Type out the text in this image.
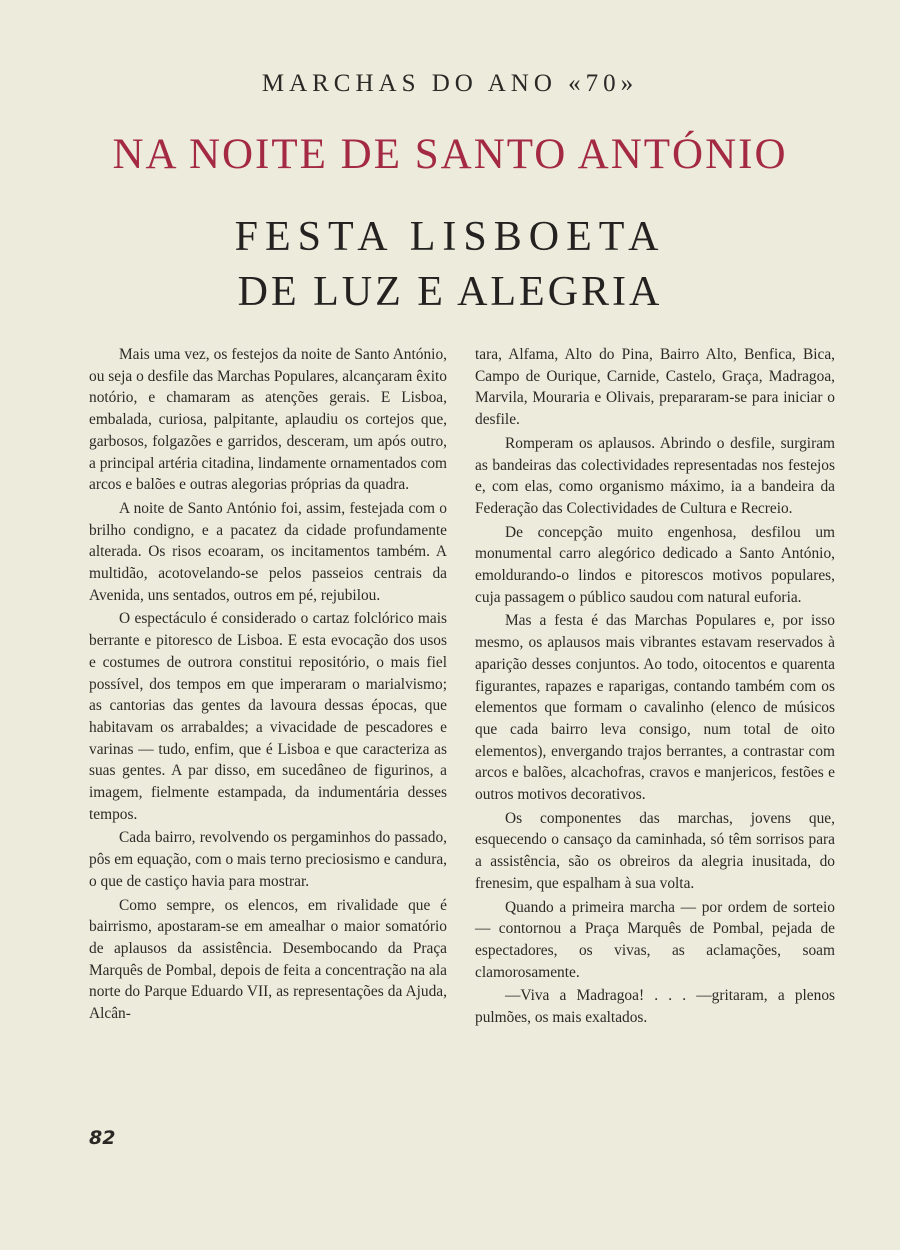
MARCHAS DO ANO «70»
NA NOITE DE SANTO ANTÓNIO
FESTA LISBOETA
DE LUZ E ALEGRIA

Mais uma vez, os festejos da noite de Santo António, ou seja o desfile das Marchas Populares, alcançaram êxito notório, e chamaram as atenções gerais. E Lisboa, embalada, curiosa, palpitante, aplaudiu os cortejos que, garbosos, folgazões e garridos, desceram, um após outro, a principal artéria citadina, lindamente ornamentados com arcos e balões e outras alegorias próprias da quadra.

A noite de Santo António foi, assim, festejada com o brilho condigno, e a pacatez da cidade profundamente alterada. Os risos ecoaram, os incitamentos também. A multidão, acotovelando-se pelos passeios centrais da Avenida, uns sentados, outros em pé, rejubilou.

O espectáculo é considerado o cartaz folclórico mais berrante e pitoresco de Lisboa. E esta evocação dos usos e costumes de outrora constitui repositório, o mais fiel possível, dos tempos em que imperaram o marialvismo; as cantorias das gentes da lavoura dessas épocas, que habitavam os arrabaldes; a vivacidade de pescadores e varinas — tudo, enfim, que é Lisboa e que caracteriza as suas gentes. A par disso, em sucedâneo de figurinos, a imagem, fielmente estampada, da indumentária desses tempos.

Cada bairro, revolvendo os pergaminhos do passado, pôs em equação, com o mais terno preciosismo e candura, o que de castiço havia para mostrar.

Como sempre, os elencos, em rivalidade que é bairrismo, apostaram-se em amealhar o maior somatório de aplausos da assistência. Desembocando da Praça Marquês de Pombal, depois de feita a concentração na ala norte do Parque Eduardo VII, as representações da Ajuda, Alcân-

tara, Alfama, Alto do Pina, Bairro Alto, Benfica, Bica, Campo de Ourique, Carnide, Castelo, Graça, Madragoa, Marvila, Mouraria e Olivais, prepararam-se para iniciar o desfile.

Romperam os aplausos. Abrindo o desfile, surgiram as bandeiras das colectividades representadas nos festejos e, com elas, como organismo máximo, ia a bandeira da Federação das Colectividades de Cultura e Recreio.

De concepção muito engenhosa, desfilou um monumental carro alegórico dedicado a Santo António, emoldurando-o lindos e pitorescos motivos populares, cuja passagem o público saudou com natural euforia.

Mas a festa é das Marchas Populares e, por isso mesmo, os aplausos mais vibrantes estavam reservados à aparição desses conjuntos. Ao todo, oitocentos e quarenta figurantes, rapazes e raparigas, contando também com os elementos que formam o cavalinho (elenco de músicos que cada bairro leva consigo, num total de oito elementos), envergando trajos berrantes, a contrastar com arcos e balões, alcachofras, cravos e manjericos, festões e outros motivos decorativos.

Os componentes das marchas, jovens que, esquecendo o cansaço da caminhada, só têm sorrisos para a assistência, são os obreiros da alegria inusitada, do frenesim, que espalham à sua volta.

Quando a primeira marcha — por ordem de sorteio — contornou a Praça Marquês de Pombal, pejada de espectadores, os vivas, as aclamações, soam clamorosamente.

—Viva a Madragoa! . . . —gritaram, a plenos pulmões, os mais exaltados.

82
